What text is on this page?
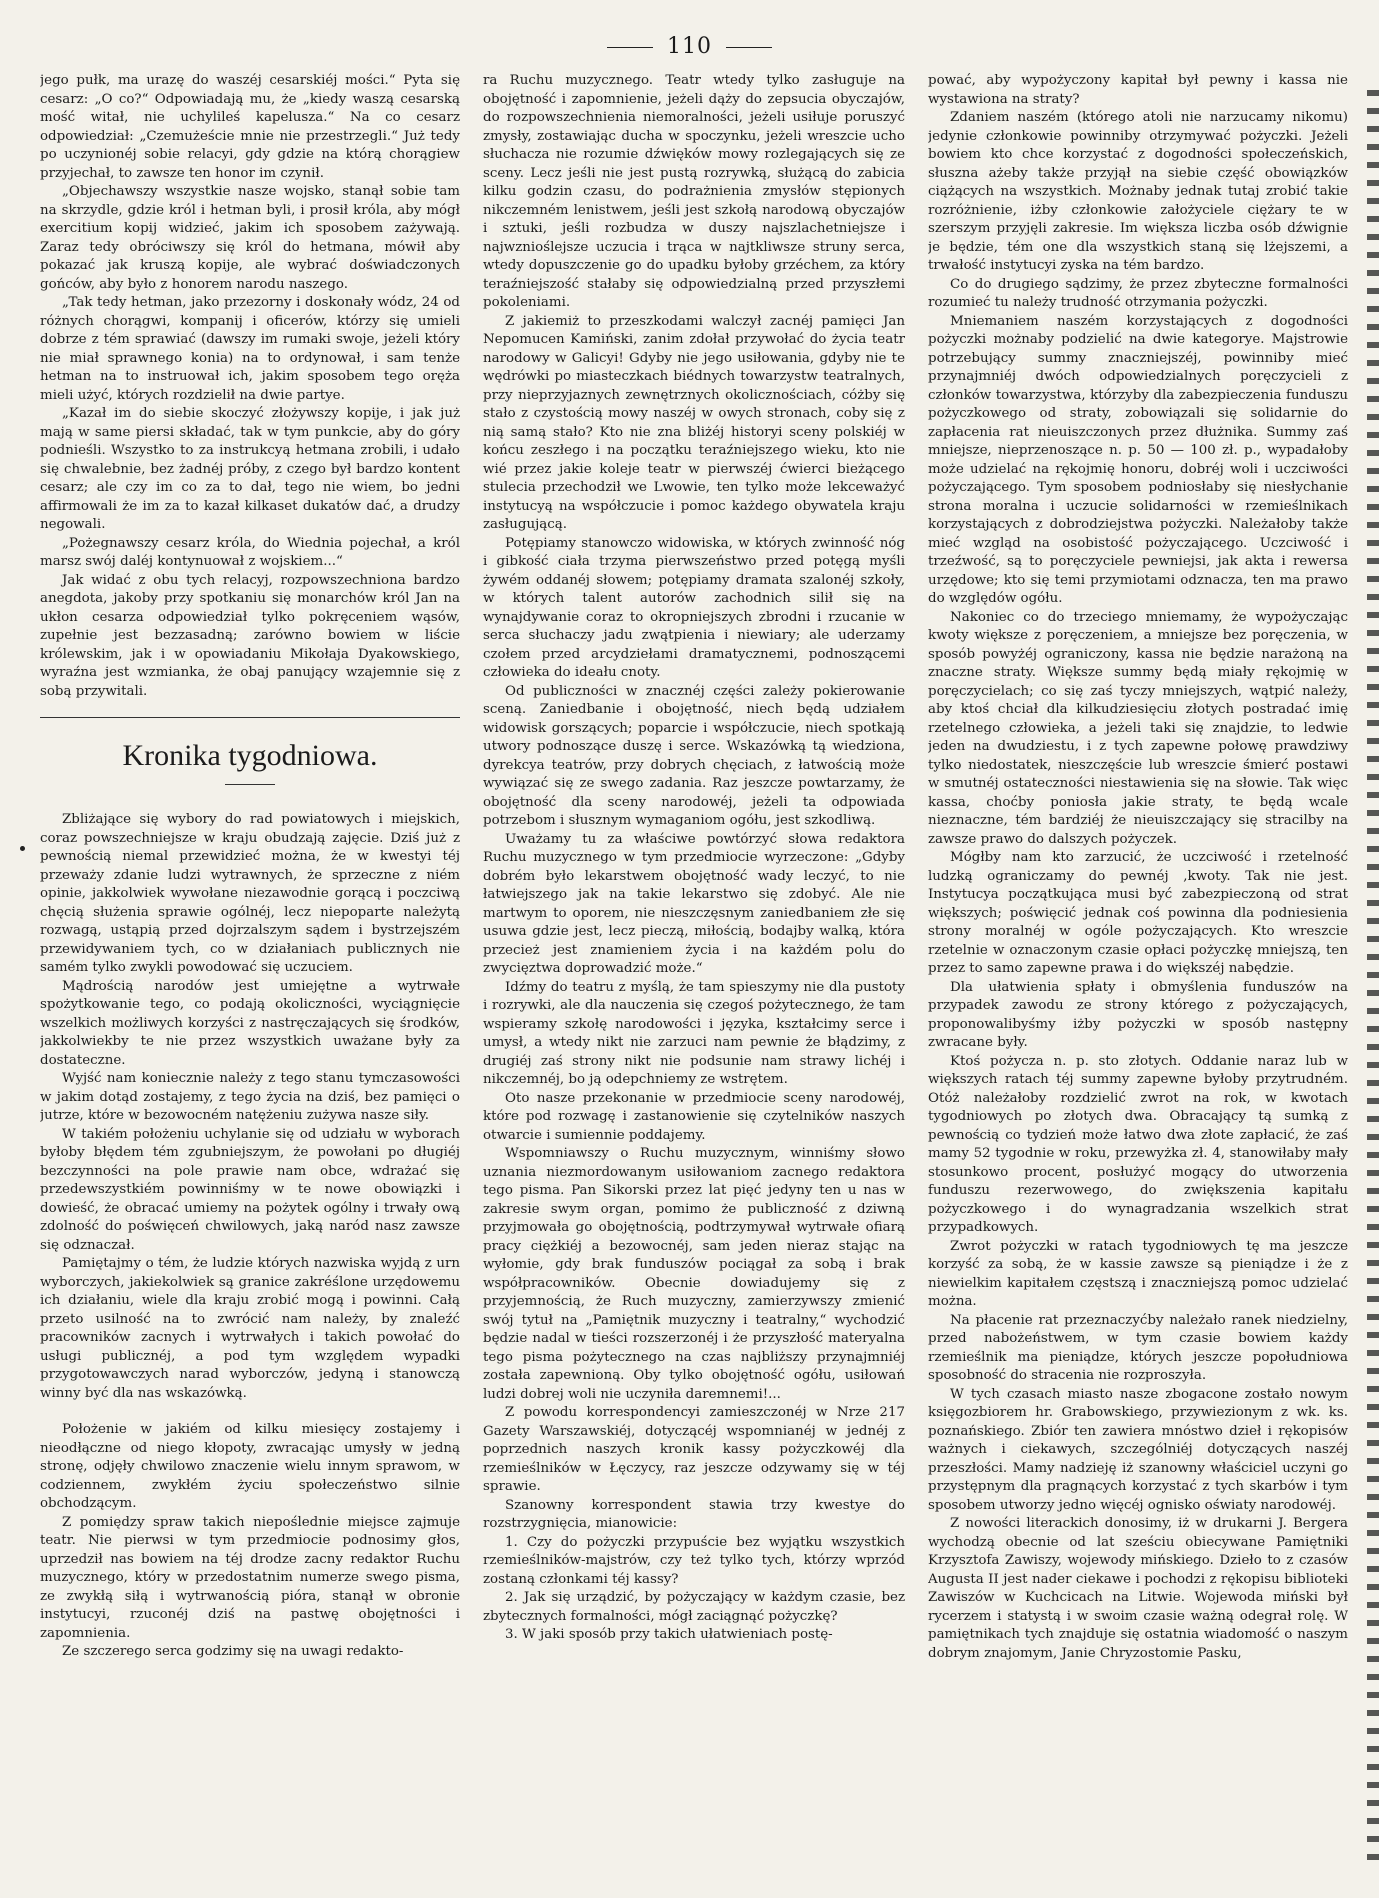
110

jego pułk, ma urazę do waszéj cesarskiéj mości.“ Pyta się cesarz: „O co?“ Odpowiadają mu, że „kiedy waszą cesarską mość witał, nie uchylileś kapelusza.“ Na co cesarz odpowiedział: „Czemużeście mnie nie przestrzegli.“ Już tedy po uczynionéj sobie relacyi, gdy gdzie na którą chorągiew przyjechał, to zawsze ten honor im czynił.

„Objechawszy wszystkie nasze wojsko, stanął sobie tam na skrzydle, gdzie król i hetman byli, i prosił króla, aby mógł exercitium kopij widzieć, jakim ich sposobem zażywają. Zaraz tedy obróciwszy się król do hetmana, mówił aby pokazać jak kruszą kopije, ale wybrać doświadczonych gońców, aby było z honorem narodu naszego.

„Tak tedy hetman, jako przezorny i doskonały wódz, 24 od różnych chorągwi, kompanij i oficerów, którzy się umieli dobrze z tém sprawiać (dawszy im rumaki swoje, jeżeli który nie miał sprawnego konia) na to ordynował, i sam tenże hetman na to instruował ich, jakim sposobem tego oręża mieli użyć, których rozdzielił na dwie partye.

„Kazał im do siebie skoczyć złożywszy kopije, i jak już mają w same piersi składać, tak w tym punkcie, aby do góry podnieśli. Wszystko to za instrukcyą hetmana zrobili, i udało się chwalebnie, bez żadnéj próby, z czego był bardzo kontent cesarz; ale czy im co za to dał, tego nie wiem, bo jedni affirmowali że im za to kazał kilkaset dukatów dać, a drudzy negowali.

„Pożegnawszy cesarz króla, do Wiednia pojechał, a król marsz swój daléj kontynuował z wojskiem...“

Jak widać z obu tych relacyj, rozpowszechniona bardzo anegdota, jakoby przy spotkaniu się monarchów król Jan na ukłon cesarza odpowiedział tylko pokręceniem wąsów, zupełnie jest bezzasadną; zarówno bowiem w liście królewskim, jak i w opowiadaniu Mikołaja Dyakowskiego, wyraźna jest wzmianka, że obaj panujący wzajemnie się z sobą przywitali.

Kronika tygodniowa.

Zbliżające się wybory do rad powiatowych i miejskich, coraz powszechniejsze w kraju obudzają zajęcie. Dziś już z pewnością niemal przewidzieć można, że w kwestyi téj przeważy zdanie ludzi wytrawnych, że sprzeczne z niém opinie, jakkolwiek wywołane niezawodnie gorącą i poczciwą chęcią służenia sprawie ogólnéj, lecz niepoparte należytą rozwagą, ustąpią przed dojrzalszym sądem i bystrzejszém przewidywaniem tych, co w działaniach publicznych nie samém tylko zwykli powodować się uczuciem.

Mądrością narodów jest umiejętne a wytrwałe spożytkowanie tego, co podają okoliczności, wyciągnięcie wszelkich możliwych korzyści z nastręczających się środków, jakkolwiekby te nie przez wszystkich uważane były za dostateczne.

Wyjść nam koniecznie należy z tego stanu tymczasowości w jakim dotąd zostajemy, z tego życia na dziś, bez pamięci o jutrze, które w bezowocném natężeniu zużywa nasze siły.

W takiém położeniu uchylanie się od udziału w wyborach byłoby błędem tém zgubniejszym, że powołani po długiéj bezczynności na pole prawie nam obce, wdrażać się przedewszystkiém powinniśmy w te nowe obowiązki i dowieść, że obracać umiemy na pożytek ogólny i trwały ową zdolność do poświęceń chwilowych, jaką naród nasz zawsze się odznaczał.

Pamiętajmy o tém, że ludzie których nazwiska wyjdą z urn wyborczych, jakiekolwiek są granice zakréślone urzędowemu ich działaniu, wiele dla kraju zrobić mogą i powinni. Całą przeto usilność na to zwrócić nam należy, by znaleźć pracowników zacnych i wytrwałych i takich powołać do usługi publicznéj, a pod tym względem wypadki przygotowawczych narad wyborczów, jedyną i stanowczą winny być dla nas wskazówką.

Położenie w jakiém od kilku miesięcy zostajemy i nieodłączne od niego kłopoty, zwracając umysły w jedną stronę, odjęły chwilowo znaczenie wielu innym sprawom, w codziennem, zwykłém życiu społeczeństwo silnie obchodzącym.

Z pomiędzy spraw takich niepoślednie miejsce zajmuje teatr. Nie pierwsi w tym przedmiocie podnosimy głos, uprzedził nas bowiem na téj drodze zacny redaktor Ruchu muzycznego, który w przedostatnim numerze swego pisma, ze zwykłą siłą i wytrwanością pióra, stanął w obronie instytucyi, rzuconéj dziś na pastwę obojętności i zapomnienia.

Ze szczerego serca godzimy się na uwagi redakto-

ra Ruchu muzycznego. Teatr wtedy tylko zasługuje na obojętność i zapomnienie, jeżeli dąży do zepsucia obyczajów, do rozpowszechnienia niemoralności, jeżeli usiłuje poruszyć zmysły, zostawiając ducha w spoczynku, jeżeli wreszcie ucho słuchacza nie rozumie dźwięków mowy rozlegających się ze sceny. Lecz jeśli nie jest pustą rozrywką, służącą do zabicia kilku godzin czasu, do podrażnienia zmysłów stępionych nikczemném lenistwem, jeśli jest szkołą narodową obyczajów i sztuki, jeśli rozbudza w duszy najszlachetniejsze i najwznioślejsze uczucia i trąca w najtkliwsze struny serca, wtedy dopuszczenie go do upadku byłoby grzéchem, za który teraźniejszość stałaby się odpowiedzialną przed przyszłemi pokoleniami.

Z jakiemiż to przeszkodami walczył zacnéj pamięci Jan Nepomucen Kamiński, zanim zdołał przywołać do życia teatr narodowy w Galicyi! Gdyby nie jego usiłowania, gdyby nie te wędrówki po miasteczkach biédnych towarzystw teatralnych, przy nieprzyjaznych zewnętrznych okolicznościach, cóżby się stało z czystością mowy naszéj w owych stronach, coby się z nią samą stało? Kto nie zna bliżéj historyi sceny polskiéj w końcu zeszłego i na początku teraźniejszego wieku, kto nie wié przez jakie koleje teatr w pierwszéj ćwierci bieżącego stulecia przechodził we Lwowie, ten tylko może lekceważyć instytucyą na współczucie i pomoc każdego obywatela kraju zasługującą.

Potępiamy stanowczo widowiska, w których zwinność nóg i gibkość ciała trzyma pierwszeństwo przed potęgą myśli żywém oddanéj słowem; potępiamy dramata szalonéj szkoły, w których talent autorów zachodnich silił się na wynajdywanie coraz to okropniejszych zbrodni i rzucanie w serca słuchaczy jadu zwątpienia i niewiary; ale uderzamy czołem przed arcydziełami dramatycznemi, podnoszącemi człowieka do ideału cnoty.

Od publiczności w znacznéj części zależy pokierowanie sceną. Zaniedbanie i obojętność, niech będą udziałem widowisk gorszących; poparcie i współczucie, niech spotkają utwory podnoszące duszę i serce. Wskazówką tą wiedziona, dyrekcya teatrów, przy dobrych chęciach, z łatwością może wywiązać się ze swego zadania. Raz jeszcze powtarzamy, że obojętność dla sceny narodowéj, jeżeli ta odpowiada potrzebom i słusznym wymaganiom ogółu, jest szkodliwą.

Uważamy tu za właściwe powtórzyć słowa redaktora Ruchu muzycznego w tym przedmiocie wyrzeczone: „Gdyby dobrém było lekarstwem obojętność wady leczyć, to nie łatwiejszego jak na takie lekarstwo się zdobyć. Ale nie martwym to oporem, nie nieszczęsnym zaniedbaniem złe się usuwa gdzie jest, lecz pieczą, miłością, bodajby walką, która przecież jest znamieniem życia i na każdém polu do zwycięztwa doprowadzić może.“

Idźmy do teatru z myślą, że tam spieszymy nie dla pustoty i rozrywki, ale dla nauczenia się czegoś pożytecznego, że tam wspieramy szkołę narodowości i języka, kształcimy serce i umysł, a wtedy nikt nie zarzuci nam pewnie że błądzimy, z drugiéj zaś strony nikt nie podsunie nam strawy lichéj i nikczemnéj, bo ją odepchniemy ze wstrętem.

Oto nasze przekonanie w przedmiocie sceny narodowéj, które pod rozwagę i zastanowienie się czytelników naszych otwarcie i sumiennie poddajemy.

Wspomniawszy o Ruchu muzycznym, winniśmy słowo uznania niezmordowanym usiłowaniom zacnego redaktora tego pisma. Pan Sikorski przez lat pięć jedyny ten u nas w zakresie swym organ, pomimo że publiczność z dziwną przyjmowała go obojętnością, podtrzymywał wytrwałe ofiarą pracy ciężkiéj a bezowocnéj, sam jeden nieraz stając na wyłomie, gdy brak funduszów pociągał za sobą i brak współpracowników. Obecnie dowiadujemy się z przyjemnością, że Ruch muzyczny, zamierzywszy zmienić swój tytuł na „Pamiętnik muzyczny i teatralny,“ wychodzić będzie nadal w tieści rozszerzonéj i że przyszłość materyalna tego pisma pożytecznego na czas najbliższy przynajmniéj została zapewnioną. Oby tylko obojętność ogółu, usiłowań ludzi dobrej woli nie uczyniła daremnemi!...

Z powodu korrespondencyi zamieszczonéj w Nrze 217 Gazety Warszawskiéj, dotyczącéj wspomnianéj w jednéj z poprzednich naszych kronik kassy pożyczkowéj dla rzemieślników w Łęczycy, raz jeszcze odzywamy się w téj sprawie.

Szanowny korrespondent stawia trzy kwestye do rozstrzygnięcia, mianowicie:

1. Czy do pożyczki przypuście bez wyjątku wszystkich rzemieślników-majstrów, czy też tylko tych, którzy wprzód zostaną członkami téj kassy?

2. Jak się urządzić, by pożyczający w każdym czasie, bez zbytecznych formalności, mógł zaciągnąć pożyczkę?

3. W jaki sposób przy takich ułatwieniach postę-

pować, aby wypożyczony kapitał był pewny i kassa nie wystawiona na straty?

Zdaniem naszém (którego atoli nie narzucamy nikomu) jedynie członkowie powinniby otrzymywać pożyczki. Jeżeli bowiem kto chce korzystać z dogodności społeczeńskich, słuszna ażeby także przyjął na siebie część obowiązków ciążących na wszystkich. Możnaby jednak tutaj zrobić takie rozróżnienie, iżby członkowie założyciele ciężary te w szerszym przyjęli zakresie. Im większa liczba osób dźwignie je będzie, tém one dla wszystkich staną się lżejszemi, a trwałość instytucyi zyska na tém bardzo.

Co do drugiego sądzimy, że przez zbyteczne formalności rozumieć tu należy trudność otrzymania pożyczki.

Mniemaniem naszém korzystających z dogodności pożyczki możnaby podzielić na dwie kategorye. Majstrowie potrzebujący summy znaczniejszéj, powinniby mieć przynajmniéj dwóch odpowiedzialnych poręczycieli z członków towarzystwa, którzyby dla zabezpieczenia funduszu pożyczkowego od straty, zobowiązali się solidarnie do zapłacenia rat nieuiszczonych przez dłużnika. Summy zaś mniejsze, nieprzenoszące n. p. 50 — 100 zł. p., wypadałoby może udzielać na rękojmię honoru, dobréj woli i uczciwości pożyczającego. Tym sposobem podniosłaby się niesłychanie strona moralna i uczucie solidarności w rzemieślnikach korzystających z dobrodziejstwa pożyczki. Należałoby także mieć wzgląd na osobistość pożyczającego. Uczciwość i trzeźwość, są to poręczyciele pewniejsi, jak akta i rewersa urzędowe; kto się temi przymiotami odznacza, ten ma prawo do względów ogółu.

Nakoniec co do trzeciego mniemamy, że wypożyczając kwoty większe z poręczeniem, a mniejsze bez poręczenia, w sposób powyżéj ograniczony, kassa nie będzie narażoną na znaczne straty. Większe summy będą miały rękojmię w poręczycielach; co się zaś tyczy mniejszych, wątpić należy, aby ktoś chciał dla kilkudziesięciu złotych postradać imię rzetelnego człowieka, a jeżeli taki się znajdzie, to ledwie jeden na dwudziestu, i z tych zapewne połowę prawdziwy tylko niedostatek, nieszczęście lub wreszcie śmierć postawi w smutnéj ostateczności niestawienia się na słowie. Tak więc kassa, choćby poniosła jakie straty, te będą wcale nieznaczne, tém bardziéj że nieuiszczający się stracilby na zawsze prawo do dalszych pożyczek.

Mógłby nam kto zarzucić, że uczciwość i rzetelność ludzką ograniczamy do pewnéj ,kwoty. Tak nie jest. Instytucya początkująca musi być zabezpieczoną od strat większych; poświęcić jednak coś powinna dla podniesienia strony moralnéj w ogóle pożyczających. Kto wreszcie rzetelnie w oznaczonym czasie opłaci pożyczkę mniejszą, ten przez to samo zapewne prawa i do większéj nabędzie.

Dla ułatwienia spłaty i obmyślenia funduszów na przypadek zawodu ze strony którego z pożyczających, proponowalibyśmy iżby pożyczki w sposób następny zwracane były.

Ktoś pożycza n. p. sto złotych. Oddanie naraz lub w większych ratach téj summy zapewne byłoby przytrudném. Otóż należałoby rozdzielić zwrot na rok, w kwotach tygodniowych po złotych dwa. Obracający tą sumką z pewnością co tydzień może łatwo dwa złote zapłacić, że zaś mamy 52 tygodnie w roku, przewyżka zł. 4, stanowiłaby mały stosunkowo procent, posłużyć mogący do utworzenia funduszu rezerwowego, do zwiększenia kapitału pożyczkowego i do wynagradzania wszelkich strat przypadkowych.

Zwrot pożyczki w ratach tygodniowych tę ma jeszcze korzyść za sobą, że w kassie zawsze są pieniądze i że z niewielkim kapitałem częstszą i znaczniejszą pomoc udzielać można.

Na płacenie rat przeznaczyćby należało ranek niedzielny, przed nabożeństwem, w tym czasie bowiem każdy rzemieślnik ma pieniądze, których jeszcze popołudniowa sposobność do stracenia nie rozproszyła.

W tych czasach miasto nasze zbogacone zostało nowym księgozbiorem hr. Grabowskiego, przywiezionym z wk. ks. poznańskiego. Zbiór ten zawiera mnóstwo dzieł i rękopisów ważnych i ciekawych, szczególniéj dotyczących naszéj przeszłości. Mamy nadzieję iż szanowny właściciel uczyni go przystępnym dla pragnących korzystać z tych skarbów i tym sposobem utworzy jedno więcéj ognisko oświaty narodowéj.

Z nowości literackich donosimy, iż w drukarni J. Bergera wychodzą obecnie od lat sześciu obiecywane Pamiętniki Krzysztofa Zawiszy, wojewody mińskiego. Dzieło to z czasów Augusta II jest nader ciekawe i pochodzi z rękopisu biblioteki Zawiszów w Kuchcicach na Litwie. Wojewoda miński był rycerzem i statystą i w swoim czasie ważną odegrał rolę. W pamiętnikach tych znajduje się ostatnia wiadomość o naszym dobrym znajomym, Janie Chryzostomie Pasku,
